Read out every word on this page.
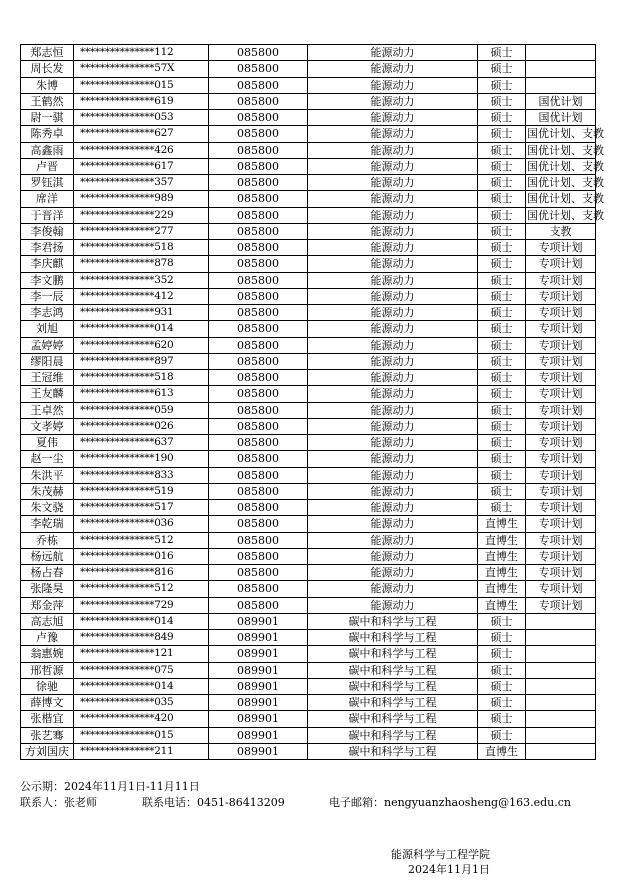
郑志恒	***************112	085800	能源动力	硕士	
周长发	***************57X	085800	能源动力	硕士	
朱博	***************015	085800	能源动力	硕士	
王鹤然	***************619	085800	能源动力	硕士	国优计划
尉一骐	***************053	085800	能源动力	硕士	国优计划
陈秀卓	***************627	085800	能源动力	硕士	国优计划、支教
高鑫雨	***************426	085800	能源动力	硕士	国优计划、支教
卢晋	***************617	085800	能源动力	硕士	国优计划、支教
罗钰淇	***************357	085800	能源动力	硕士	国优计划、支教
席洋	***************989	085800	能源动力	硕士	国优计划、支教
于晋洋	***************229	085800	能源动力	硕士	国优计划、支教
李俊翰	***************277	085800	能源动力	硕士	支教
李君扬	***************518	085800	能源动力	硕士	专项计划
李庆麒	***************878	085800	能源动力	硕士	专项计划
李文鹏	***************352	085800	能源动力	硕士	专项计划
李一辰	***************412	085800	能源动力	硕士	专项计划
李志鸿	***************931	085800	能源动力	硕士	专项计划
刘旭	***************014	085800	能源动力	硕士	专项计划
孟婷婷	***************620	085800	能源动力	硕士	专项计划
缪阳晨	***************897	085800	能源动力	硕士	专项计划
王冠维	***************518	085800	能源动力	硕士	专项计划
王友麟	***************613	085800	能源动力	硕士	专项计划
王卓然	***************059	085800	能源动力	硕士	专项计划
文孝婷	***************026	085800	能源动力	硕士	专项计划
夏伟	***************637	085800	能源动力	硕士	专项计划
赵一尘	***************190	085800	能源动力	硕士	专项计划
朱洪平	***************833	085800	能源动力	硕士	专项计划
朱茂赫	***************519	085800	能源动力	硕士	专项计划
朱文骁	***************517	085800	能源动力	硕士	专项计划
李乾瑞	***************036	085800	能源动力	直博生	专项计划
乔栋	***************512	085800	能源动力	直博生	专项计划
杨远航	***************016	085800	能源动力	直博生	专项计划
杨占春	***************816	085800	能源动力	直博生	专项计划
张隆昊	***************512	085800	能源动力	直博生	专项计划
郑金萍	***************729	085800	能源动力	直博生	专项计划
高志旭	***************014	089901	碳中和科学与工程	硕士	
卢豫	***************849	089901	碳中和科学与工程	硕士	
翁惠婉	***************121	089901	碳中和科学与工程	硕士	
邢哲源	***************075	089901	碳中和科学与工程	硕士	
徐驰	***************014	089901	碳中和科学与工程	硕士	
薛博文	***************035	089901	碳中和科学与工程	硕士	
张楷宜	***************420	089901	碳中和科学与工程	硕士	
张艺骞	***************015	089901	碳中和科学与工程	硕士	
方刘国庆	***************211	089901	碳中和科学与工程	直博生	
公示期：2024年11月1日-11月11日
联系人：张老师	联系电话：0451-86413209	电子邮箱：nengyuanzhaosheng@163.edu.cn
能源科学与工程学院
2024年11月1日
